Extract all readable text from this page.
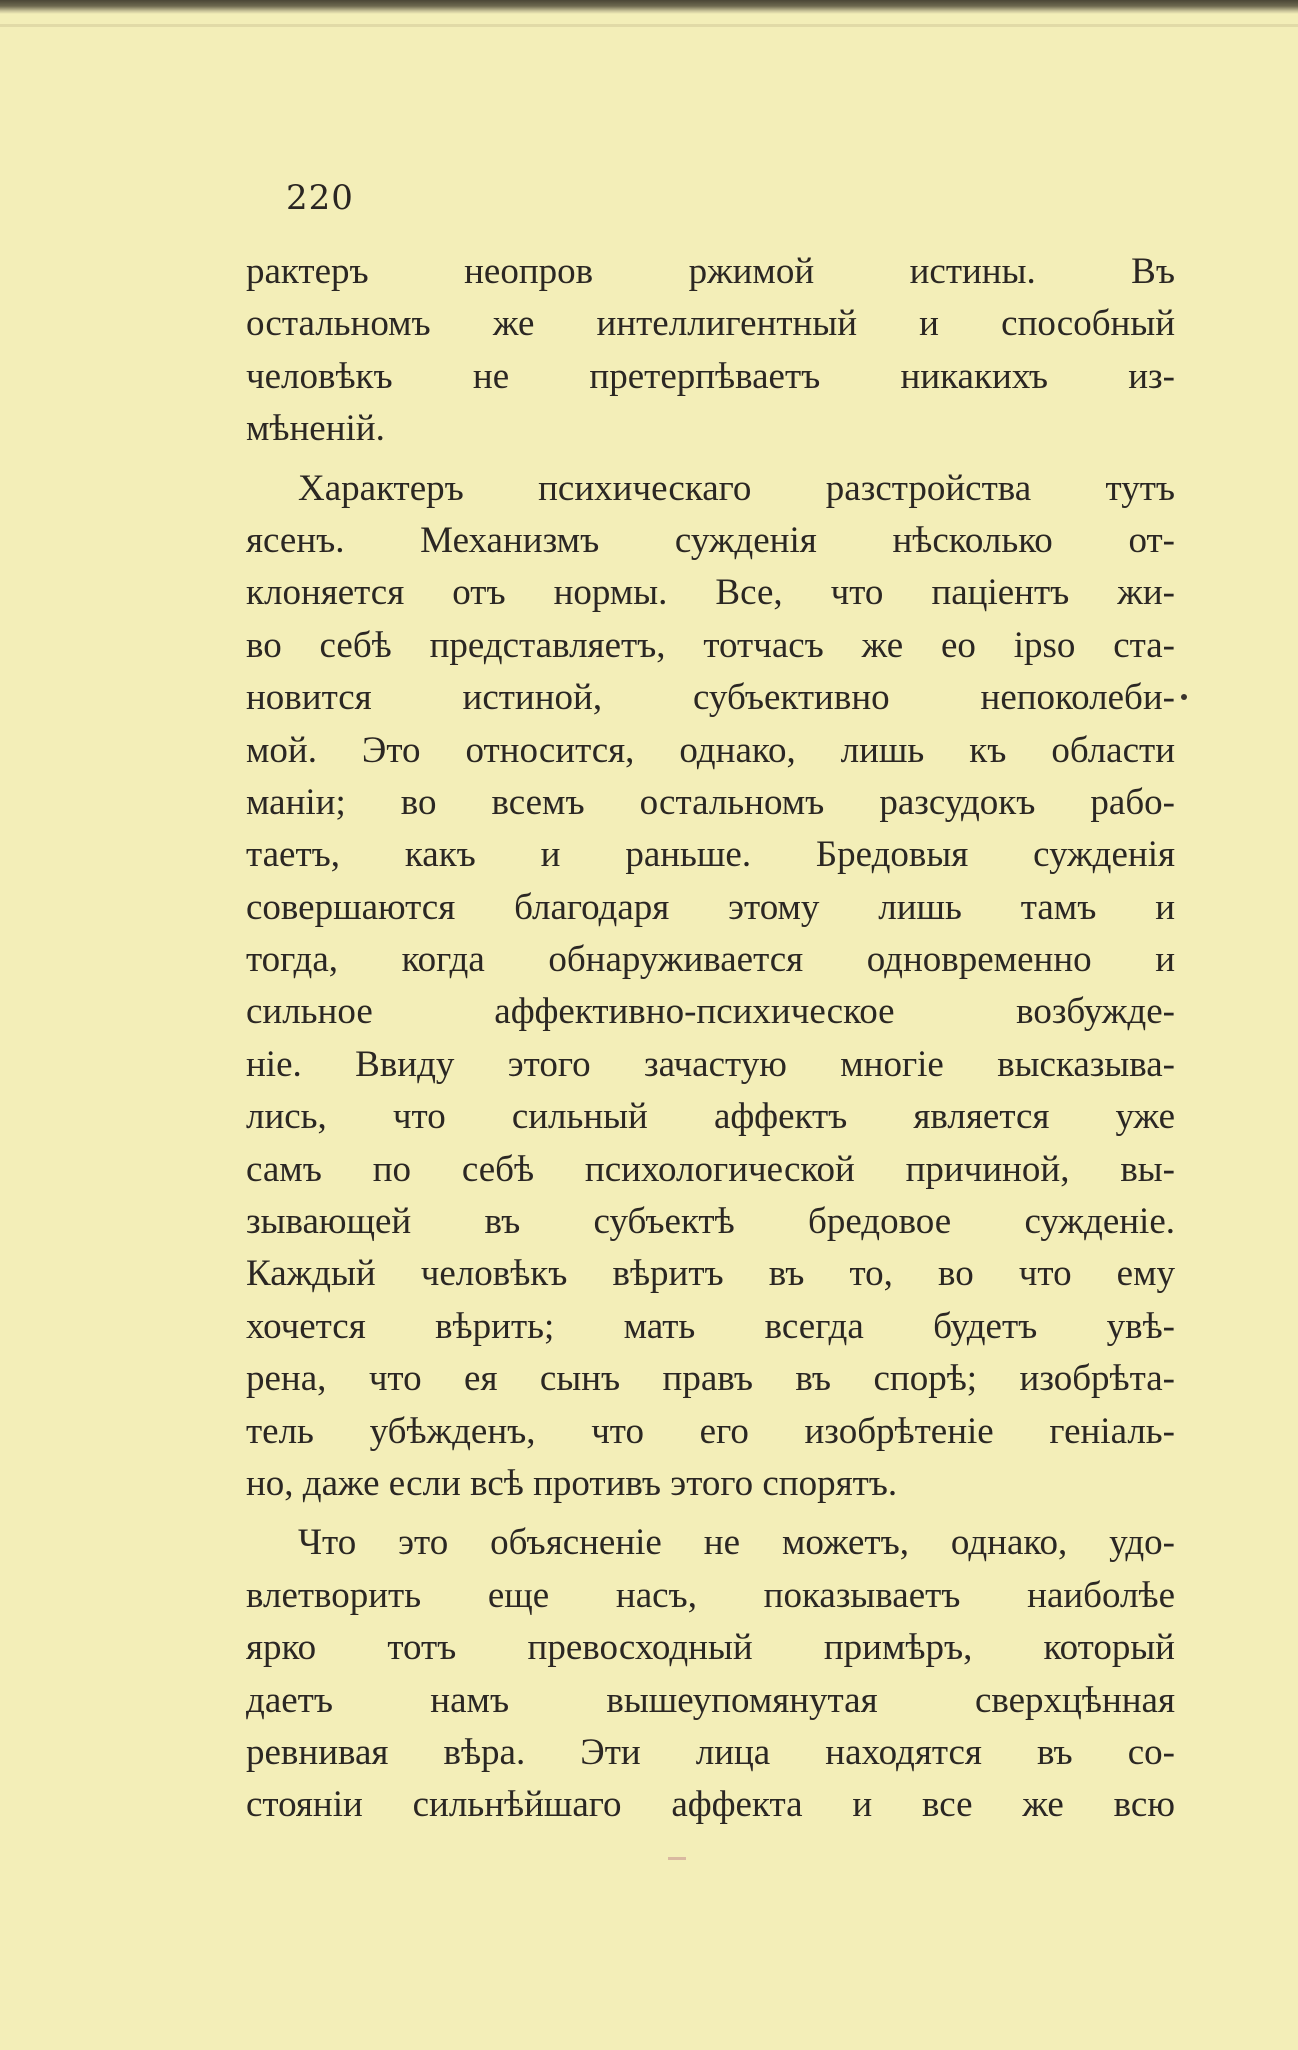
220
рактеръ неопров ржимой истины. Въ
остальномъ же интеллигентный и способный
человѣкъ не претерпѣваетъ никакихъ из-
мѣненій.
Характеръ психическаго разстройства тутъ
ясенъ. Механизмъ сужденія нѣсколько от-
клоняется отъ нормы. Все, что паціентъ жи-
во себѣ представляетъ, тотчасъ же eo ipso ста-
новится истиной, субъективно непоколеби-
мой. Это относится, однако, лишь къ области
маніи; во всемъ остальномъ разсудокъ рабо-
таетъ, какъ и раньше. Бредовыя сужденія
совершаются благодаря этому лишь тамъ и
тогда, когда обнаруживается одновременно и
сильное аффективно-психическое возбужде-
ніе. Ввиду этого зачастую многіе высказыва-
лись, что сильный аффектъ является уже
самъ по себѣ психологической причиной, вы-
зывающей въ субъектѣ бредовое сужденіе.
Каждый человѣкъ вѣритъ въ то, во что ему
хочется вѣрить; мать всегда будетъ увѣ-
рена, что ея сынъ правъ въ спорѣ; изобрѣта-
тель убѣжденъ, что его изобрѣтеніе геніаль-
но, даже если всѣ противъ этого спорятъ.
Что это объясненіе не можетъ, однако, удо-
влетворить еще насъ, показываетъ наиболѣе
ярко тотъ превосходный примѣръ, который
даетъ намъ вышеупомянутая сверхцѣнная
ревнивая вѣра. Эти лица находятся въ со-
стояніи сильнѣйшаго аффекта и все же всю
